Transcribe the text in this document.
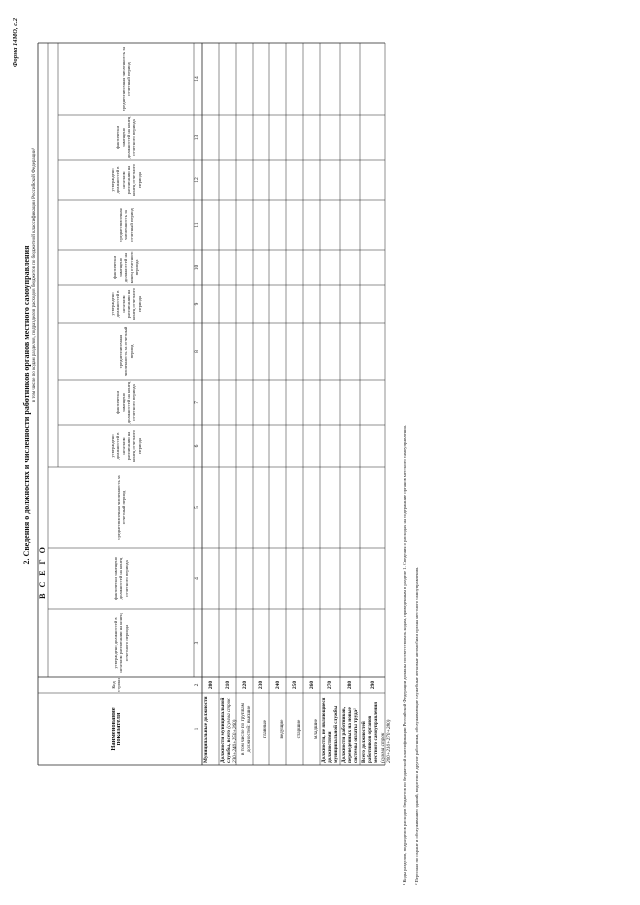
Форма 14МО, с.2
2. Сведения о должностях и численности работников органов местного самоуправления в том числе по кодам разделов, подразделов расходов бюджетов по бюджетной классификации Российской Федерации¹
Наименование показателя
Код строки
В С Е Г О
утверждено должностей в штатном расписании на конец отчетного периода
фактически замещено должностей на конец отчетного периода
среднесписочная численность за отчетный период
утверждено должностей в штатном расписании на конец отчетного периода
фактически замещено должностей на конец отчетного периода
среднесписочная численность за отчетный период
утверждено должностей в штатном расписании на конец отчетного периода
фактически замещено должностей на конец отчетного периода
среднесписочная численность за отчетный период
утверждено должностей в штатном расписании на конец отчетного периода
фактически замещено должностей на конец отчетного периода
среднесписочная численность за отчетный период
1
2
3
4
5
6
7
8
9
10
11
12
13
14
Муниципальные должности
200
Должности муниципальной службы, всего (сумма строк 230+240+250+260)
210
в том числе по группам должностей: высшие
220
главные
230
ведущие
240
старшие
250
младшие
260
Должности, не являющиеся должностями муниципальной службы
270
Должности работников, переведенных на новые системы оплаты труда²
280
Всего должностей работников органов местного самоуправления (сумма строк 200+210+270+280)
290	¹ Коды разделов, подразделов расходов бюджетов по бюджетной классификации Российской Федерации должны соответствовать кодам, приведенным в разделе 1. Сведения о расходах на содержание органов местного самоуправления. ² Персонал по охране и обслуживанию зданий, водители и другие работники, обслуживающие служебные легковые автомобили органа местного самоуправления.
